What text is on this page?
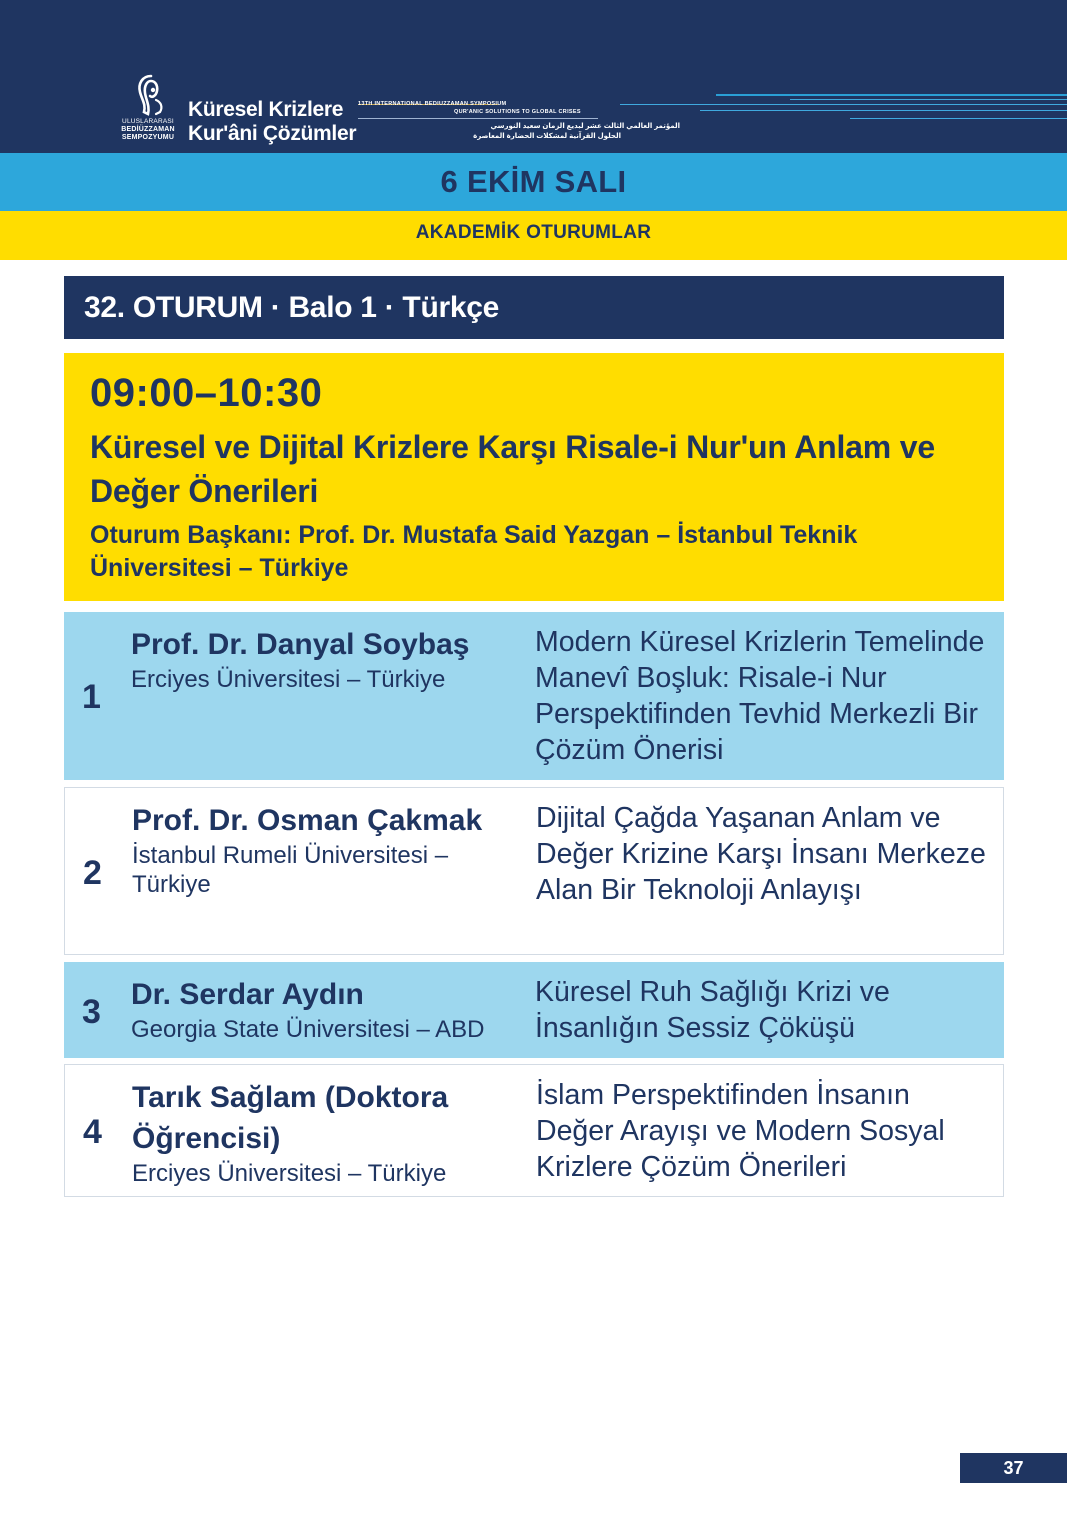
ULUSLARARASI
BEDİÜZZAMAN SEMPOZYUMU
Küresel Krizlere
Kur'âni Çözümler
13TH INTERNATIONAL BEDIUZZAMAN SYMPOSIUM
QUR'ANIC SOLUTIONS TO GLOBAL CRISES
المؤتمر العالمي الثالث عشر لبديع الزمان سعيد النورسي
الحلول القرآنية لمشكلات الحضارة المعاصرة
6 EKİM SALI
AKADEMİK OTURUMLAR
32. OTURUM · Balo 1 · Türkçe
09:00–10:30
Küresel ve Dijital Krizlere Karşı Risale-i Nur'un Anlam ve Değer Önerileri
Oturum Başkanı: Prof. Dr. Mustafa Said Yazgan – İstanbul Teknik Üniversitesi – Türkiye
1
Prof. Dr. Danyal Soybaş
Erciyes Üniversitesi – Türkiye
Modern Küresel Krizlerin Temelinde Manevî Boşluk: Risale-i Nur Perspektifinden Tevhid Merkezli Bir Çözüm Önerisi
2
Prof. Dr. Osman Çakmak
İstanbul Rumeli Üniversitesi – Türkiye
Dijital Çağda Yaşanan Anlam ve Değer Krizine Karşı İnsanı Merkeze Alan Bir Teknoloji Anlayışı
3 Dr. Serdar Aydın
Georgia State Üniversitesi – ABD
Küresel Ruh Sağlığı Krizi ve İnsanlığın Sessiz Çöküşü
4
Tarık Sağlam (Doktora Öğrencisi)
Erciyes Üniversitesi – Türkiye
İslam Perspektifinden İnsanın Değer Arayışı ve Modern Sosyal Krizlere Çözüm Önerileri
37
